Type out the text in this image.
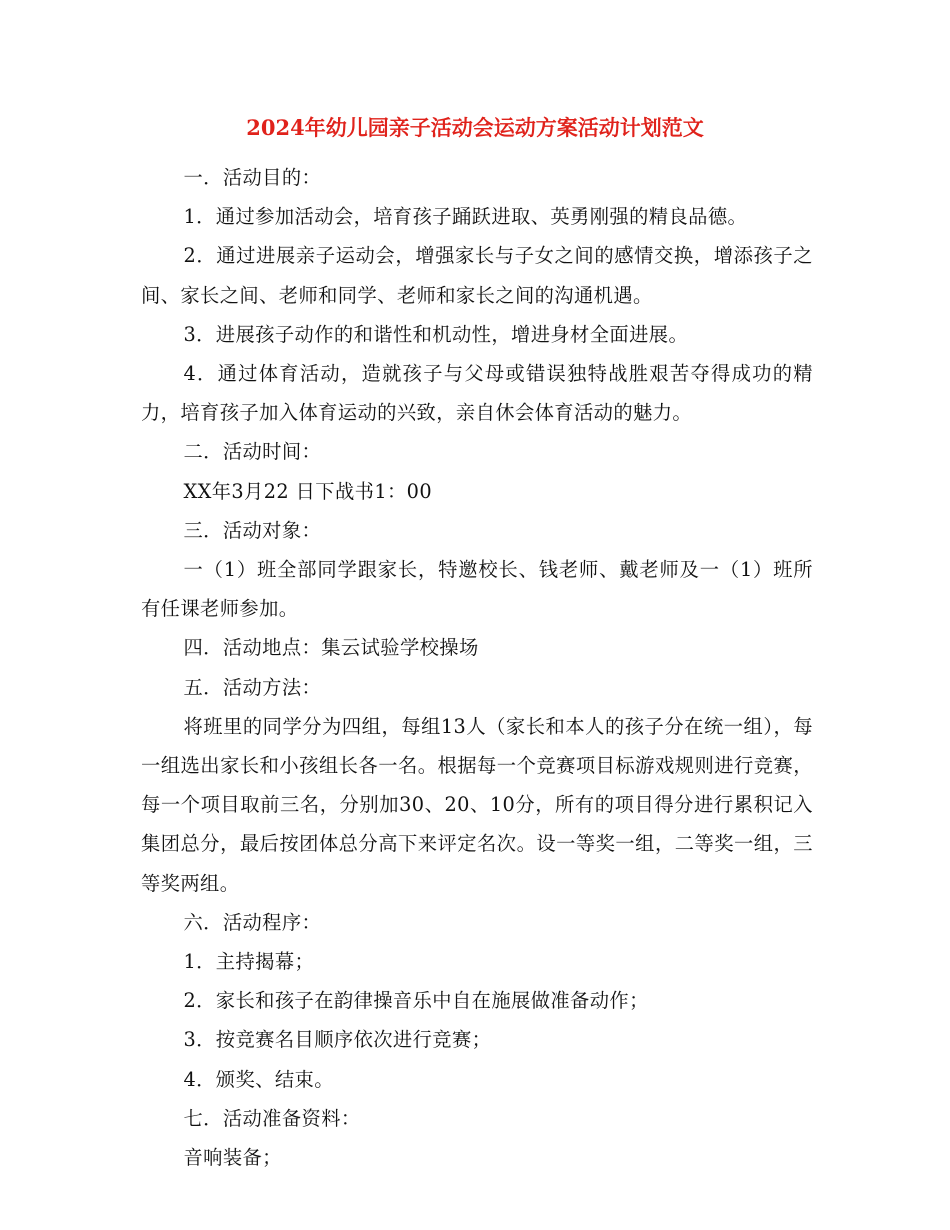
2024年幼儿园亲子活动会运动方案活动计划范文

一．活动目的：

1．通过参加活动会，培育孩子踊跃进取、英勇刚强的精良品德。

2．通过进展亲子运动会，增强家长与子女之间的感情交换，增添孩子之间、家长之间、老师和同学、老师和家长之间的沟通机遇。

3．进展孩子动作的和谐性和机动性，增进身材全面进展。

4．通过体育活动，造就孩子与父母或错误独特战胜艰苦夺得成功的精力，培育孩子加入体育运动的兴致，亲自休会体育活动的魅力。

二．活动时间：

XX年3月22 日下战书1：00

三．活动对象：

一（1）班全部同学跟家长，特邀校长、钱老师、戴老师及一（1）班所有任课老师参加。

四．活动地点：集云试验学校操场

五．活动方法：

将班里的同学分为四组，每组13人（家长和本人的孩子分在统一组），每一组选出家长和小孩组长各一名。根据每一个竞赛项目标游戏规则进行竞赛，每一个项目取前三名，分别加30、20、10分，所有的项目得分进行累积记入集团总分，最后按团体总分高下来评定名次。设一等奖一组，二等奖一组，三等奖两组。

六．活动程序：

1．主持揭幕；

2．家长和孩子在韵律操音乐中自在施展做准备动作；

3．按竞赛名目顺序依次进行竞赛；

4．颁奖、结束。

七．活动准备资料：

音响装备；
